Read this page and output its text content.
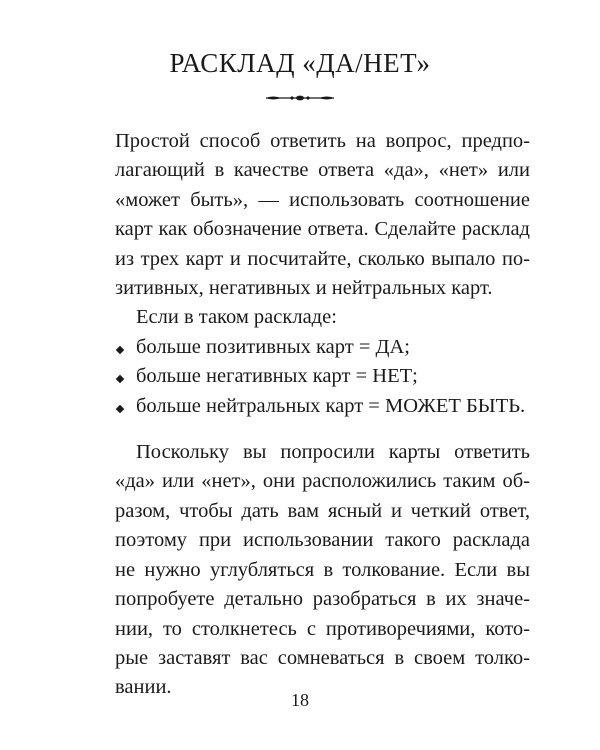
РАСКЛАД «ДА/НЕТ»
Простой способ ответить на вопрос, предпо-
лагающий в качестве ответа «да», «нет» или
«может быть», — использовать соотношение
карт как обозначение ответа. Сделайте расклад
из трех карт и посчитайте, сколько выпало по-
зитивных, негативных и нейтральных карт.
Если в таком раскладе:
больше позитивных карт = ДА;
больше негативных карт = НЕТ;
больше нейтральных карт = МОЖЕТ БЫТЬ.
Поскольку вы попросили карты ответить
«да» или «нет», они расположились таким об-
разом, чтобы дать вам ясный и четкий ответ,
поэтому при использовании такого расклада
не нужно углубляться в толкование. Если вы
попробуете детально разобраться в их значе-
нии, то столкнетесь с противоречиями, кото-
рые заставят вас сомневаться в своем толко-
вании.
18
